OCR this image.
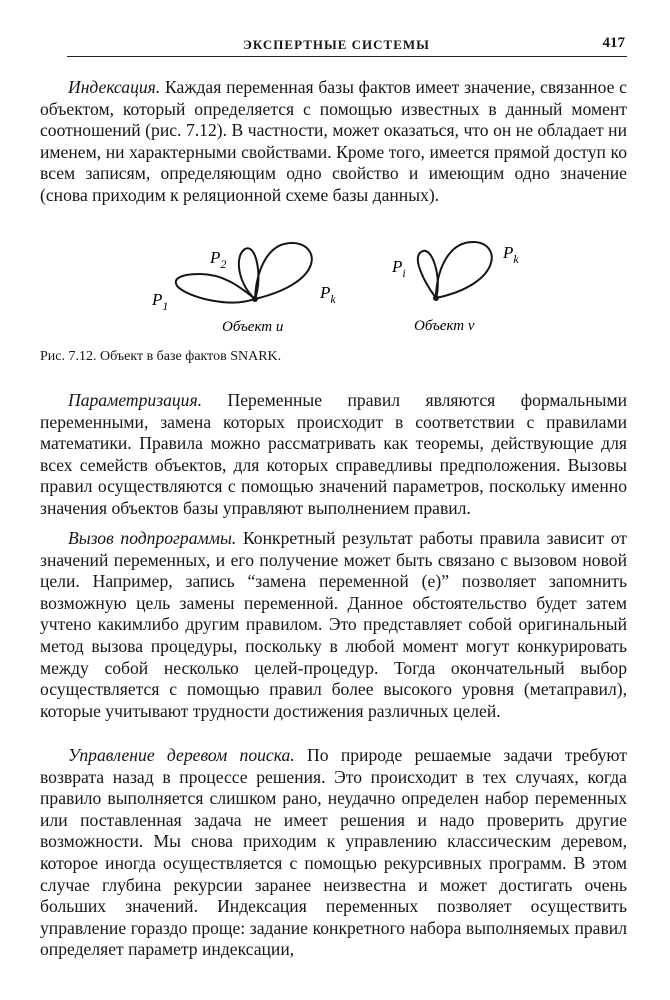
ЭКСПЕРТНЫЕ СИСТЕМЫ	417

Индексация. Каждая переменная базы фактов имеет значение, связанное с объектом, который определяется с помощью известных в данный момент соотношений (рис. 7.12). В частности, может оказаться, что он не обладает ни именем, ни характерными свойствами. Кроме того, имеется прямой доступ ко всем записям, определяющим одно свойство и имеющим одно значение (снова приходим к реляционной схеме базы данных).

$P_1$
$P_2$
$P_k$
Объект u
$P_i$
$P_k$
Объект v
Рис. 7.12. Объект в базе фактов SNARK.

Параметризация. Переменные правил являются формальными переменными, замена которых происходит в соответствии с правилами математики. Правила можно рассматривать как теоремы, действующие для всех семейств объектов, для которых справедливы предположения. Вызовы правил осуществляются с помощью значений параметров, поскольку именно значения объектов базы управляют выполнением правил.

Вызов подпрограммы. Конкретный результат работы правила зависит от значений переменных, и его получение может быть связано с вызовом новой цели. Например, запись “замена переменной (e)” позволяет запомнить возможную цель замены переменной. Данное обстоятельство будет затем учтено какимлибо другим правилом. Это представляет собой оригинальный метод вызова процедуры, поскольку в любой момент могут конкурировать между собой несколько целей-процедур. Тогда окончательный выбор осуществляется с помощью правил более высокого уровня (метаправил), которые учитывают трудности достижения различных целей.

Управление деревом поиска. По природе решаемые задачи требуют возврата назад в процессе решения. Это происходит в тех случаях, когда правило выполняется слишком рано, неудачно определен набор переменных или поставленная задача не имеет решения и надо проверить другие возможности. Мы снова приходим к управлению классическим деревом, которое иногда осуществляется с помощью рекурсивных программ. В этом случае глубина рекурсии заранее неизвестна и может достигать очень больших значений. Индексация переменных позволяет осуществить управление гораздо проще: задание конкретного набора выполняемых правил определяет параметр индексации,
